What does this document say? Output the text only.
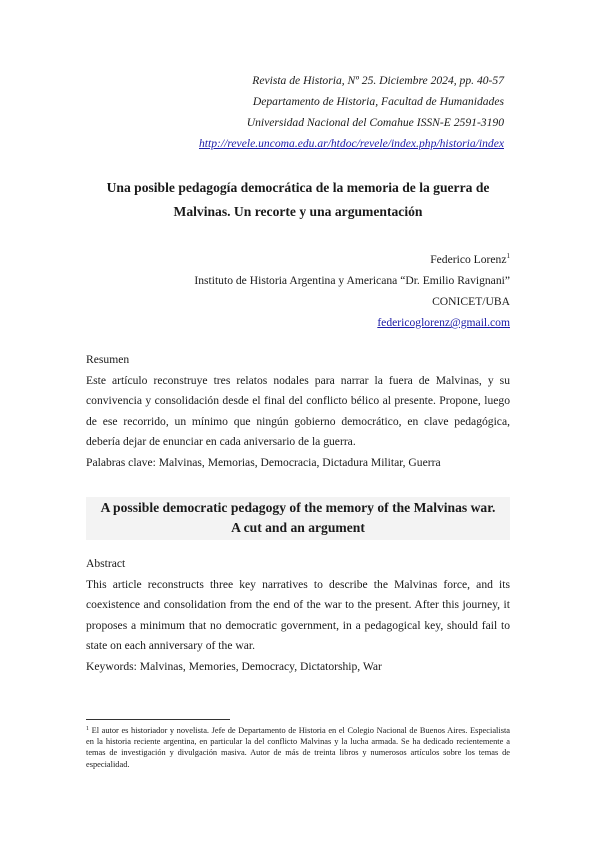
Revista de Historia, Nº 25. Diciembre 2024, pp. 40-57
Departamento de Historia, Facultad de Humanidades
Universidad Nacional del Comahue ISSN-E 2591-3190
http://revele.uncoma.edu.ar/htdoc/revele/index.php/historia/index
Una posible pedagogía democrática de la memoria de la guerra de
Malvinas. Un recorte y una argumentación
Federico Lorenz$^1$
Instituto de Historia Argentina y Americana “Dr. Emilio Ravignani”
CONICET/UBA
federicoglorenz@gmail.com

Resumen

Este artículo reconstruye tres relatos nodales para narrar la fuera de Malvinas, y su convivencia y consolidación desde el final del conflicto bélico al presente. Propone, luego de ese recorrido, un mínimo que ningún gobierno democrático, en clave pedagógica, debería dejar de enunciar en cada aniversario de la guerra.

Palabras clave: Malvinas, Memorias, Democracia, Dictadura Militar, Guerra

A possible democratic pedagogy of the memory of the Malvinas war.
A cut and an argument

Abstract

This article reconstructs three key narratives to describe the Malvinas force, and its coexistence and consolidation from the end of the war to the present. After this journey, it proposes a minimum that no democratic government, in a pedagogical key, should fail to state on each anniversary of the war.

Keywords: Malvinas, Memories, Democracy, Dictatorship, War

$^1$ El autor es historiador y novelista. Jefe de Departamento de Historia en el Colegio Nacional de Buenos Aires. Especialista en la historia reciente argentina, en particular la del conflicto Malvinas y la lucha armada. Se ha dedicado recientemente a temas de investigación y divulgación masiva. Autor de más de treinta libros y numerosos artículos sobre los temas de especialidad.
